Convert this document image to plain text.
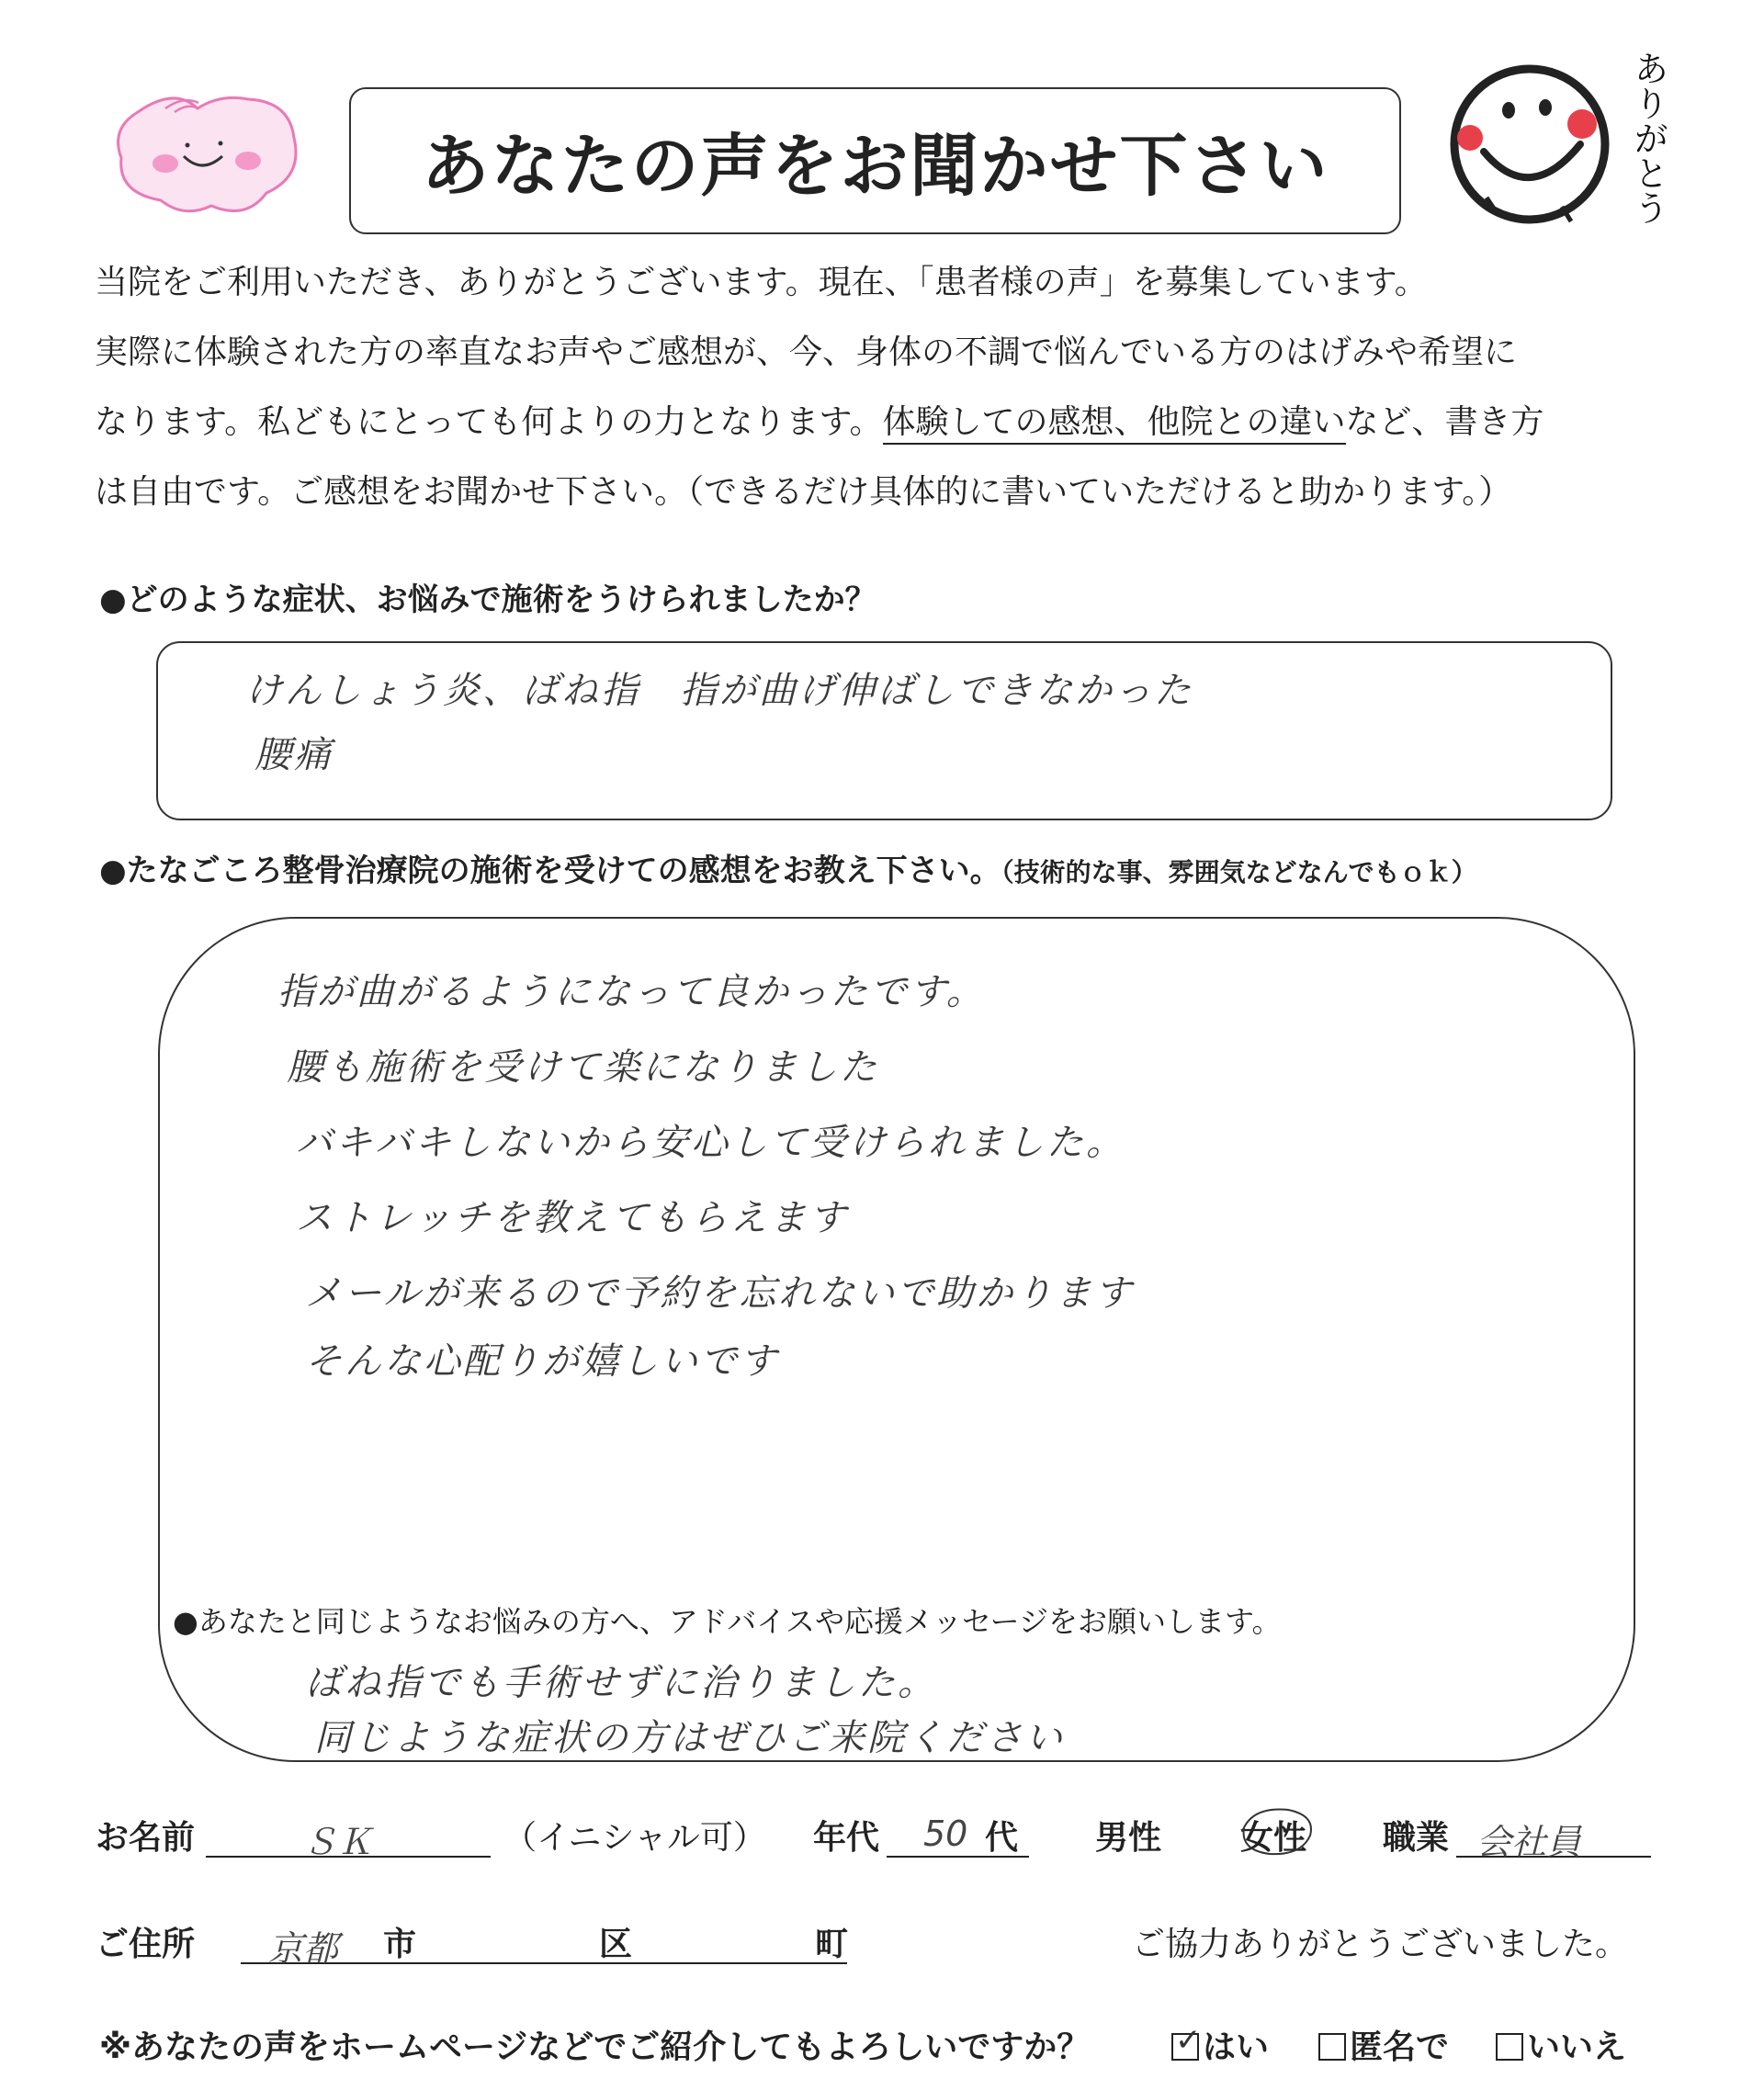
あなたの声をお聞かせ下さい	ありがとう

当院をご利用いただき、ありがとうございます。現在、「患者様の声」を募集しています。

実際に体験された方の率直なお声やご感想が、今、身体の不調で悩んでいる方のはげみや希望に

なります。私どもにとっても何よりの力となります。体験しての感想、他院との違いなど、書き方

は自由です。ご感想をお聞かせ下さい。（できるだけ具体的に書いていただけると助かります。）

●どのような症状、お悩みで施術をうけられましたか？
けんしょう炎、ばね指　指が曲げ伸ばしできなかった
腰痛
●たなごころ整骨治療院の施術を受けての感想をお教え下さい。（技術的な事、雰囲気などなんでもｏｋ）
指が曲がるようになって良かったです。
腰も施術を受けて楽になりました
バキバキしないから安心して受けられました。
ストレッチを教えてもらえます
メールが来るので予約を忘れないで助かります
そんな心配りが嬉しいです
●あなたと同じようなお悩みの方へ、アドバイスや応援メッセージをお願いします。
ばね指でも手術せずに治りました。
同じような症状の方はぜひご来院ください
お名前	ＳＫ	（イニシャル可） 年代 50 代 男性 女性 職業 会社員
ご住所 京都 市	区	町	ご協力ありがとうございました。
※あなたの声をホームページなどでご紹介してもよろしいですか？	✓ はい	匿名で	いいえ
